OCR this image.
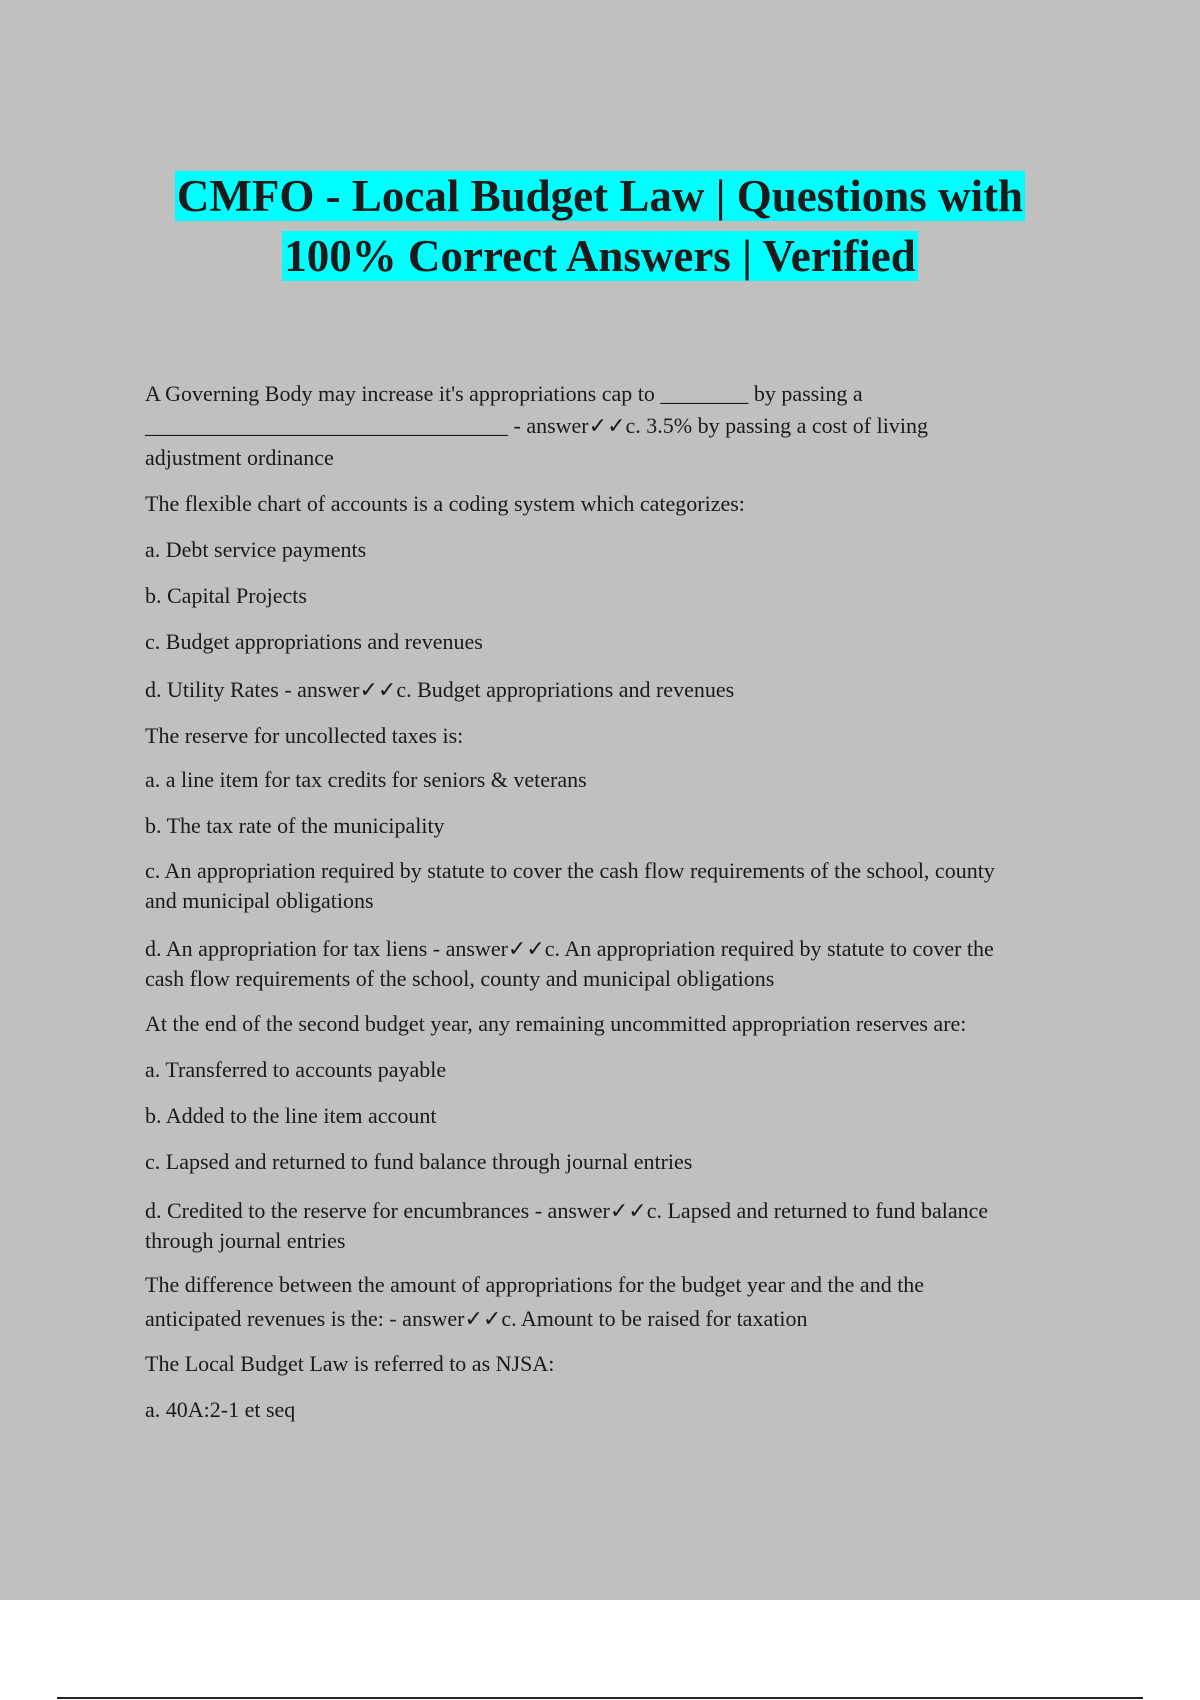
CMFO - Local Budget Law | Questions with
100% Correct Answers | Verified

A Governing Body may increase it's appropriations cap to ________ by passing a
_________________________________ - answer✓✓c. 3.5% by passing a cost of living
adjustment ordinance

The flexible chart of accounts is a coding system which categorizes:

a. Debt service payments

b. Capital Projects

c. Budget appropriations and revenues

d. Utility Rates - answer✓✓c. Budget appropriations and revenues

The reserve for uncollected taxes is:

a. a line item for tax credits for seniors & veterans

b. The tax rate of the municipality

c. An appropriation required by statute to cover the cash flow requirements of the school, county
and municipal obligations

d. An appropriation for tax liens - answer✓✓c. An appropriation required by statute to cover the
cash flow requirements of the school, county and municipal obligations

At the end of the second budget year, any remaining uncommitted appropriation reserves are:

a. Transferred to accounts payable

b. Added to the line item account

c. Lapsed and returned to fund balance through journal entries

d. Credited to the reserve for encumbrances - answer✓✓c. Lapsed and returned to fund balance
through journal entries

The difference between the amount of appropriations for the budget year and the and the
anticipated revenues is the: - answer✓✓c. Amount to be raised for taxation

The Local Budget Law is referred to as NJSA:

a. 40A:2-1 et seq
